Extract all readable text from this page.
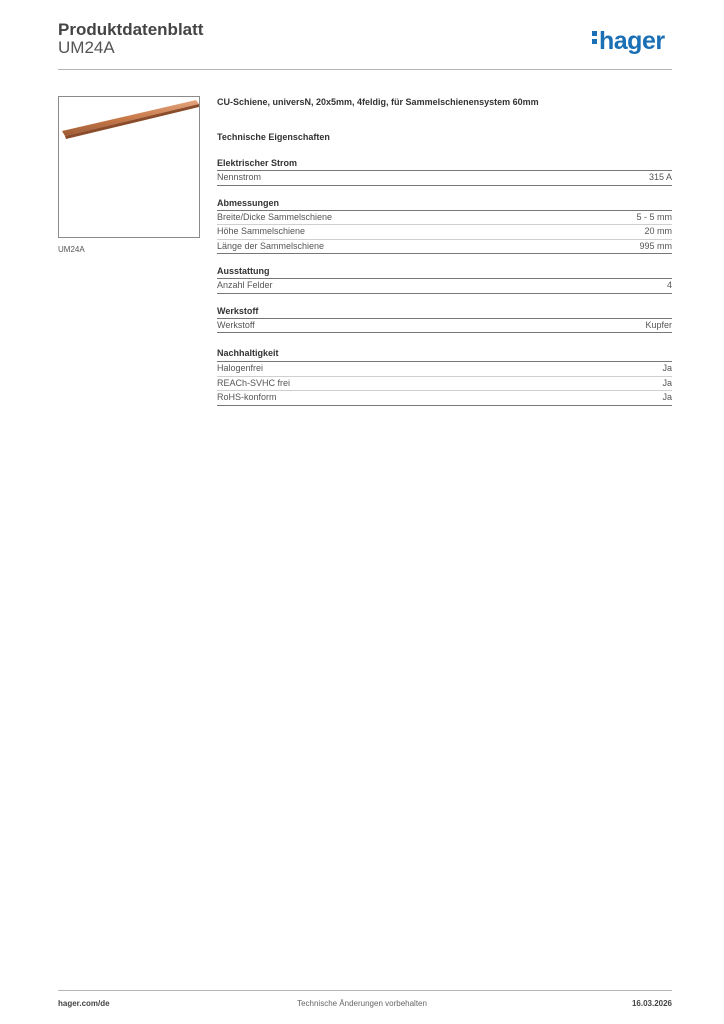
Produktdatenblatt
UM24A	hager
UM24A

CU-Schiene, universN, 20x5mm, 4feldig, für Sammelschienensystem 60mm

Technische Eigenschaften
Elektrischer Strom
Nennstrom	315 A
Abmessungen
Breite/Dicke Sammelschiene	5 - 5 mm
Höhe Sammelschiene	20 mm
Länge der Sammelschiene	995 mm
Ausstattung
Anzahl Felder	4
Werkstoff
Werkstoff	Kupfer
Nachhaltigkeit
Halogenfrei	Ja
REACh-SVHC frei	Ja
RoHS-konform	Ja
hager.com/de	Technische Änderungen vorbehalten	16.03.2026
